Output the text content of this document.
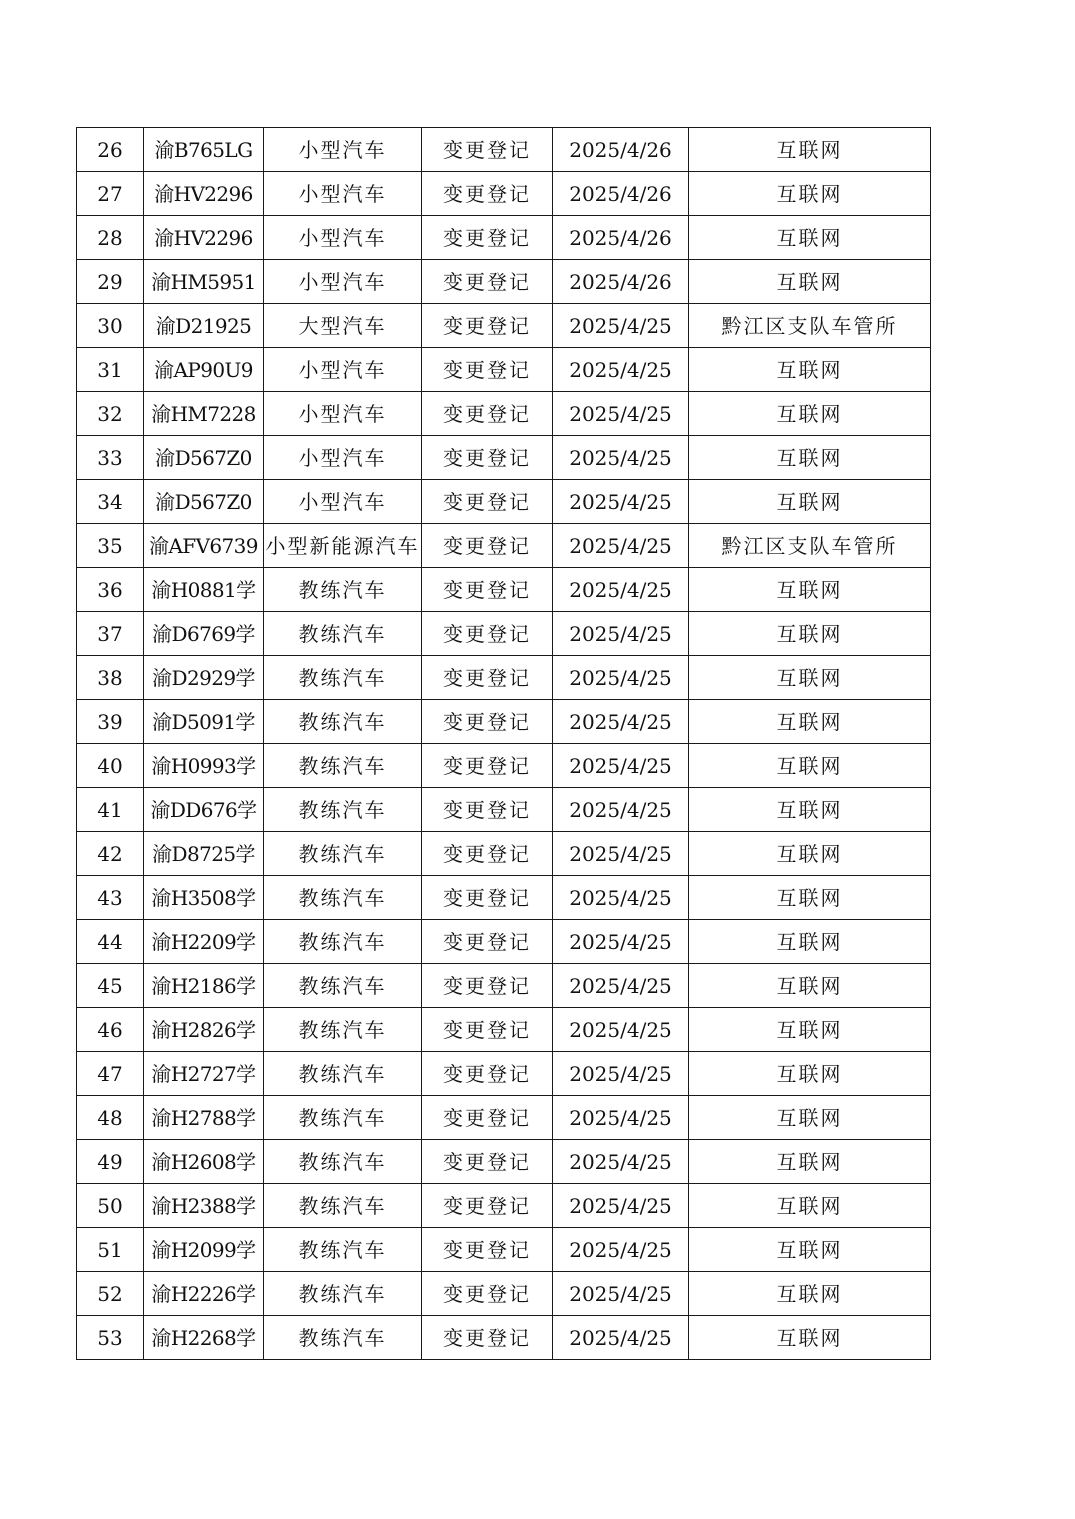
26	渝B765LG	小型汽车	变更登记	2025/4/26	互联网
27	渝HV2296	小型汽车	变更登记	2025/4/26	互联网
28	渝HV2296	小型汽车	变更登记	2025/4/26	互联网
29	渝HM5951	小型汽车	变更登记	2025/4/26	互联网
30	渝D21925	大型汽车	变更登记	2025/4/25	黔江区支队车管所
31	渝AP90U9	小型汽车	变更登记	2025/4/25	互联网
32	渝HM7228	小型汽车	变更登记	2025/4/25	互联网
33	渝D567Z0	小型汽车	变更登记	2025/4/25	互联网
34	渝D567Z0	小型汽车	变更登记	2025/4/25	互联网
35	渝AFV6739	小型新能源汽车	变更登记	2025/4/25	黔江区支队车管所
36	渝H0881学	教练汽车	变更登记	2025/4/25	互联网
37	渝D6769学	教练汽车	变更登记	2025/4/25	互联网
38	渝D2929学	教练汽车	变更登记	2025/4/25	互联网
39	渝D5091学	教练汽车	变更登记	2025/4/25	互联网
40	渝H0993学	教练汽车	变更登记	2025/4/25	互联网
41	渝DD676学	教练汽车	变更登记	2025/4/25	互联网
42	渝D8725学	教练汽车	变更登记	2025/4/25	互联网
43	渝H3508学	教练汽车	变更登记	2025/4/25	互联网
44	渝H2209学	教练汽车	变更登记	2025/4/25	互联网
45	渝H2186学	教练汽车	变更登记	2025/4/25	互联网
46	渝H2826学	教练汽车	变更登记	2025/4/25	互联网
47	渝H2727学	教练汽车	变更登记	2025/4/25	互联网
48	渝H2788学	教练汽车	变更登记	2025/4/25	互联网
49	渝H2608学	教练汽车	变更登记	2025/4/25	互联网
50	渝H2388学	教练汽车	变更登记	2025/4/25	互联网
51	渝H2099学	教练汽车	变更登记	2025/4/25	互联网
52	渝H2226学	教练汽车	变更登记	2025/4/25	互联网
53	渝H2268学	教练汽车	变更登记	2025/4/25	互联网
